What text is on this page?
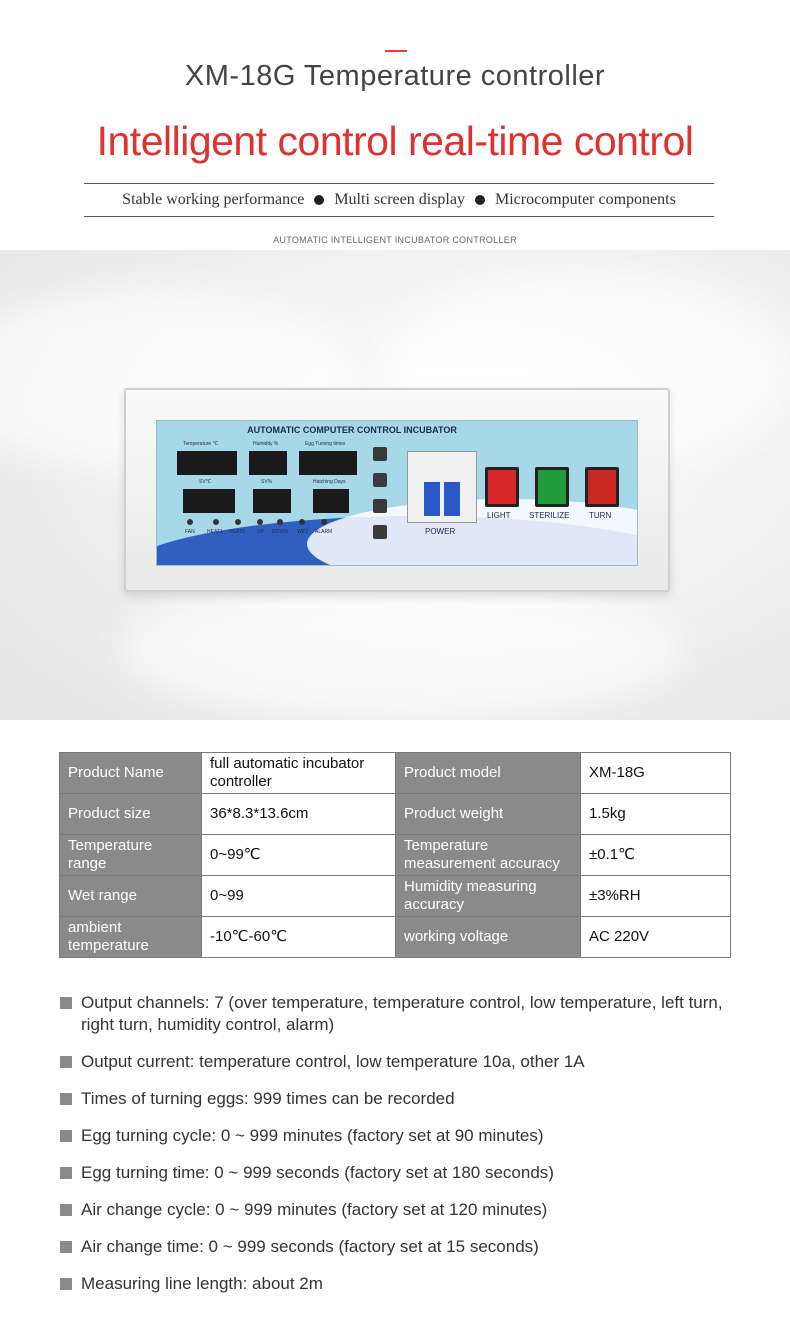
XM-18G Temperature controller
Intelligent control real-time control
Stable working performance Multi screen display Microcomputer components
AUTOMATIC INTELLIGENT INCUBATOR CONTROLLER
AUTOMATIC COMPUTER CONTROL INCUBATOR
Temperature ℃	Humidity %	Egg Turning times
SV℃	SV%	Hatching Days
FAN HEAT1 HEAT2 UP DOWN WET ALARM	POWER
LIGHT STERILIZE TURN
Product Name	full automatic incubator controller	Product model	XM-18G
Product size	36*8.3*13.6cm	Product weight	1.5kg
Temperature range	0~99℃	Temperature measurement accuracy	±0.1℃
Wet range	0~99	Humidity measuring accuracy	±3%RH
ambient temperature	-10℃-60℃	working voltage	AC 220V
Output channels: 7 (over temperature, temperature control, low temperature, left turn, right turn, humidity control, alarm)
Output current: temperature control, low temperature 10a, other 1A
Times of turning eggs: 999 times can be recorded
Egg turning cycle: 0 ~ 999 minutes (factory set at 90 minutes)
Egg turning time: 0 ~ 999 seconds (factory set at 180 seconds)
Air change cycle: 0 ~ 999 minutes (factory set at 120 minutes)
Air change time: 0 ~ 999 seconds (factory set at 15 seconds)
Measuring line length: about 2m
